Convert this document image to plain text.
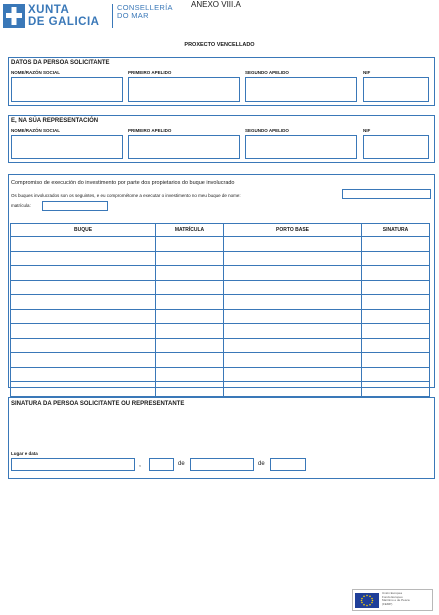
XUNTA
DE GALICIA
CONSELLERÍA
DO MAR
ANEXO VIII.A
PROXECTO VENCELLADO
DATOS DA PERSOA SOLICITANTE
NOME/RAZÓN SOCIAL	PRIMEIRO APELIDO	SEGUNDO APELIDO	NIF
E, NA SÚA REPRESENTACIÓN
NOME/RAZÓN SOCIAL	PRIMEIRO APELIDO	SEGUNDO APELIDO	NIF
Compromiso de execución do investimento por parte dos propietarios do buque involucrado
Os buques involucrados son os seguintes, e eu comprométome a executar o investimento no meu buque de nome:
matrícula:
BUQUE	MATRÍCULA	PORTO BASE	SINATURA

SINATURA DA PERSOA SOLICITANTE OU REPRESENTANTE
Lugar e data
,	de	de
Unión Europea
Fondo Europeo
Marítimo e de Pesca
(FEMP)
